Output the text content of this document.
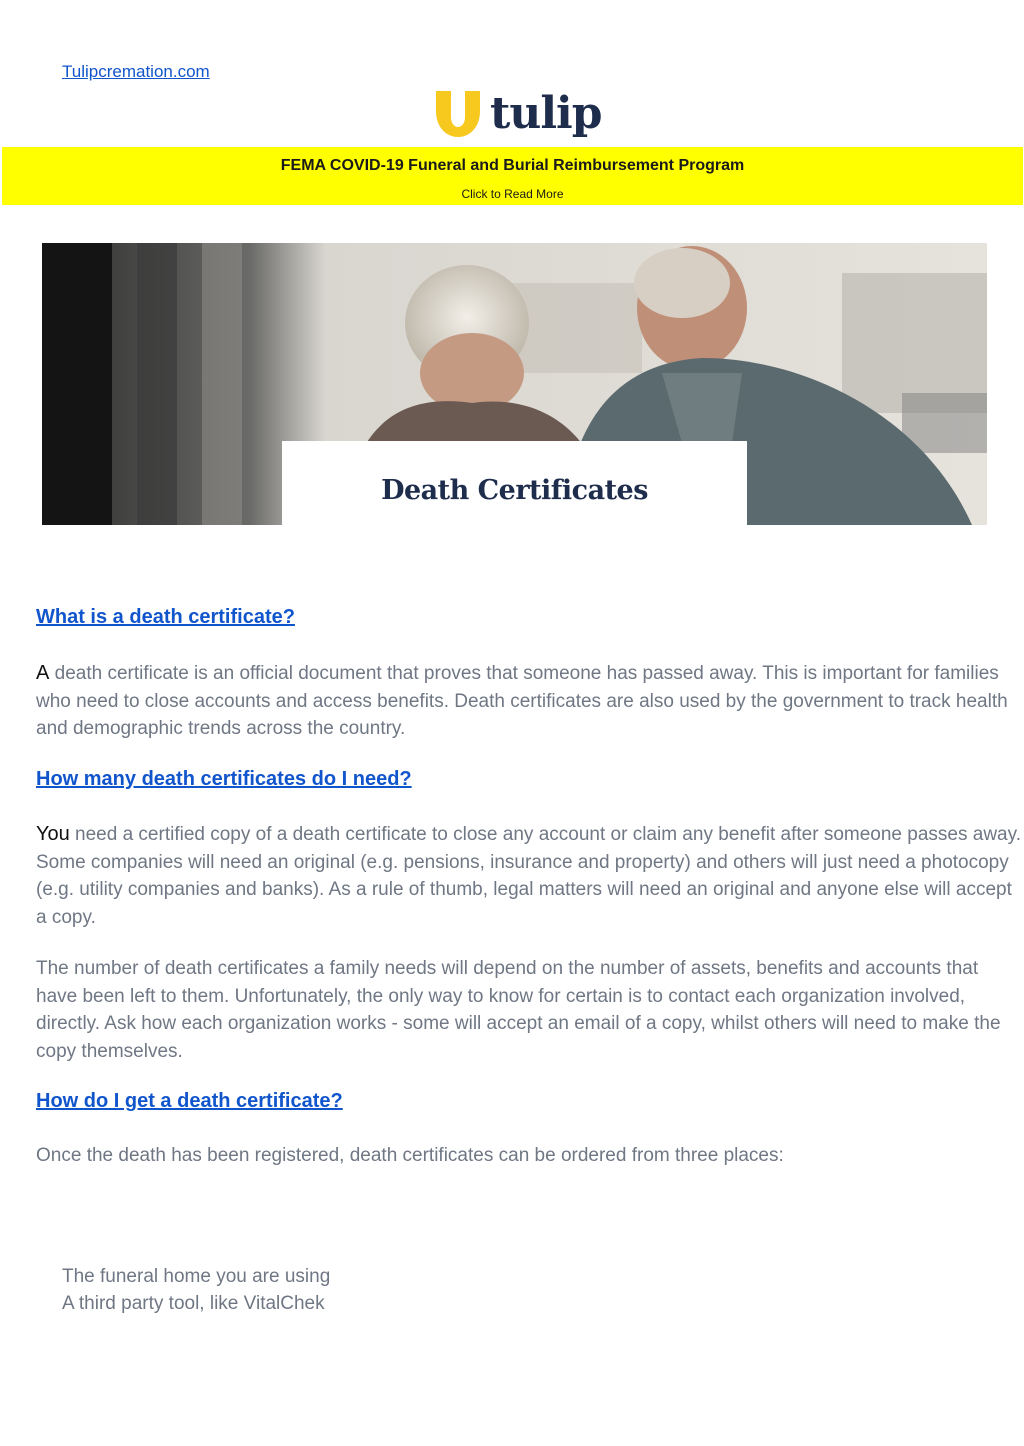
Tulipcremation.com
tulip
FEMA COVID-19 Funeral and Burial Reimbursement Program
Click to Read More
Death Certificates
What is a death certificate?
A death certificate is an official document that proves that someone has passed away. This is important for families who need to close accounts and access benefits. Death certificates are also used by the government to track health and demographic trends across the country.
How many death certificates do I need?
You need a certified copy of a death certificate to close any account or claim any benefit after someone passes away. Some companies will need an original (e.g. pensions, insurance and property) and others will just need a photocopy (e.g. utility companies and banks). As a rule of thumb, legal matters will need an original and anyone else will accept a copy.
The number of death certificates a family needs will depend on the number of assets, benefits and accounts that have been left to them. Unfortunately, the only way to know for certain is to contact each organization involved, directly. Ask how each organization works - some will accept an email of a copy, whilst others will need to make the copy themselves.
How do I get a death certificate?
Once the death has been registered, death certificates can be ordered from three places:
The funeral home you are using
A third party tool, like VitalChek
